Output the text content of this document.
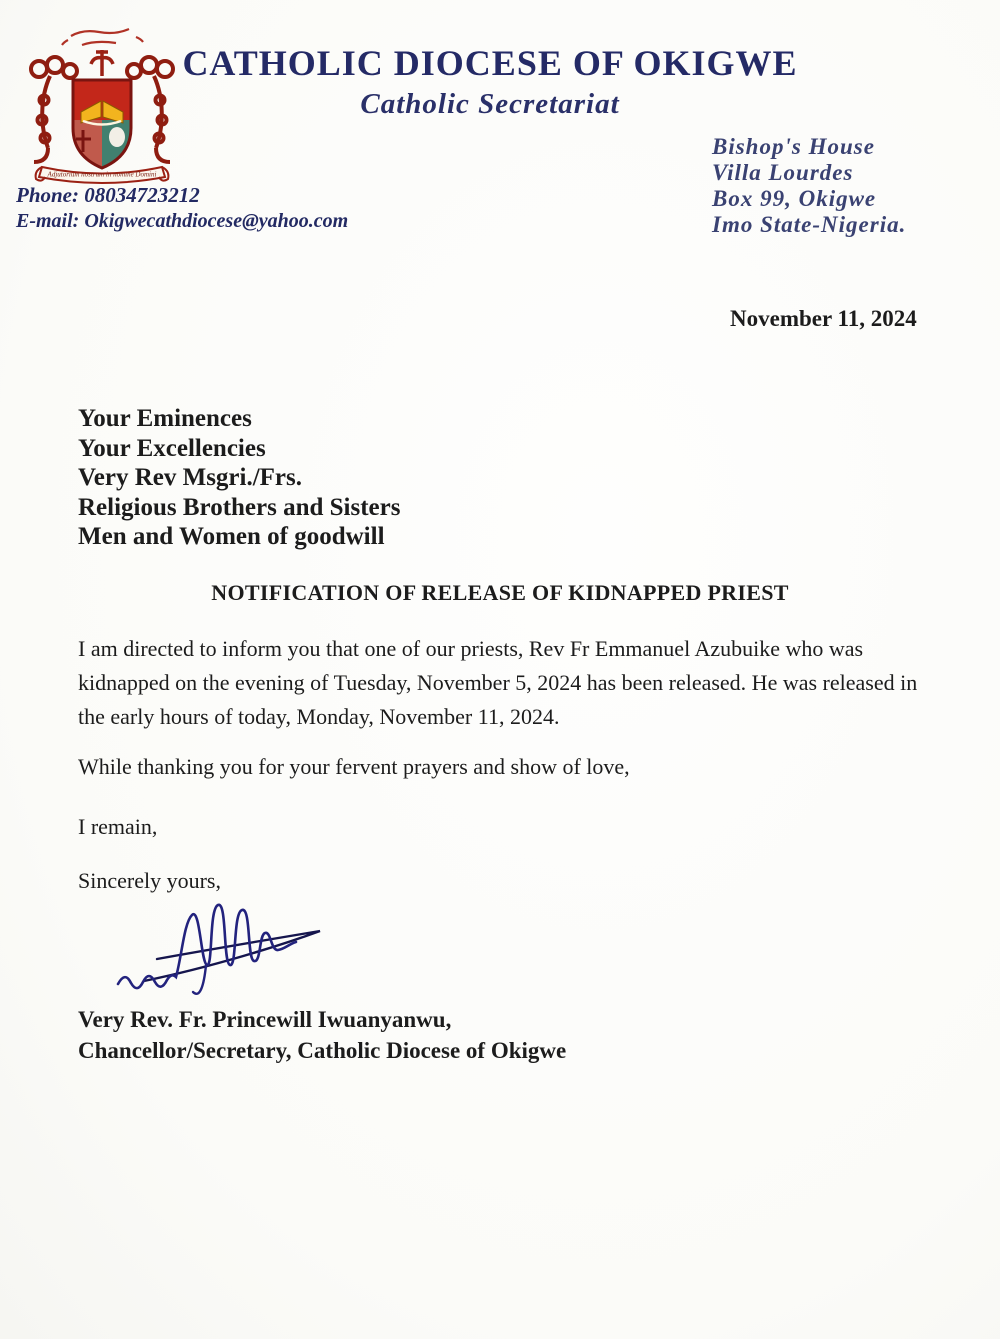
Adjutorium nostrum in nomine Domini
CATHOLIC DIOCESE OF OKIGWE
Catholic Secretariat
Phone: 08034723212
E-mail: Okigwecathdiocese@yahoo.com
Bishop's House
Villa Lourdes
Box 99, Okigwe
Imo State-Nigeria.
November 11, 2024
Your Eminences
Your Excellencies
Very Rev Msgri./Frs.
Religious Brothers and Sisters
Men and Women of goodwill
NOTIFICATION OF RELEASE OF KIDNAPPED PRIEST
I am directed to inform you that one of our priests, Rev Fr Emmanuel Azubuike who was kidnapped on the evening of Tuesday, November 5, 2024 has been released. He was released in the early hours of today, Monday, November 11, 2024.
While thanking you for your fervent prayers and show of love,
I remain,
Sincerely yours,
Very Rev. Fr. Princewill Iwuanyanwu,
Chancellor/Secretary, Catholic Diocese of Okigwe
